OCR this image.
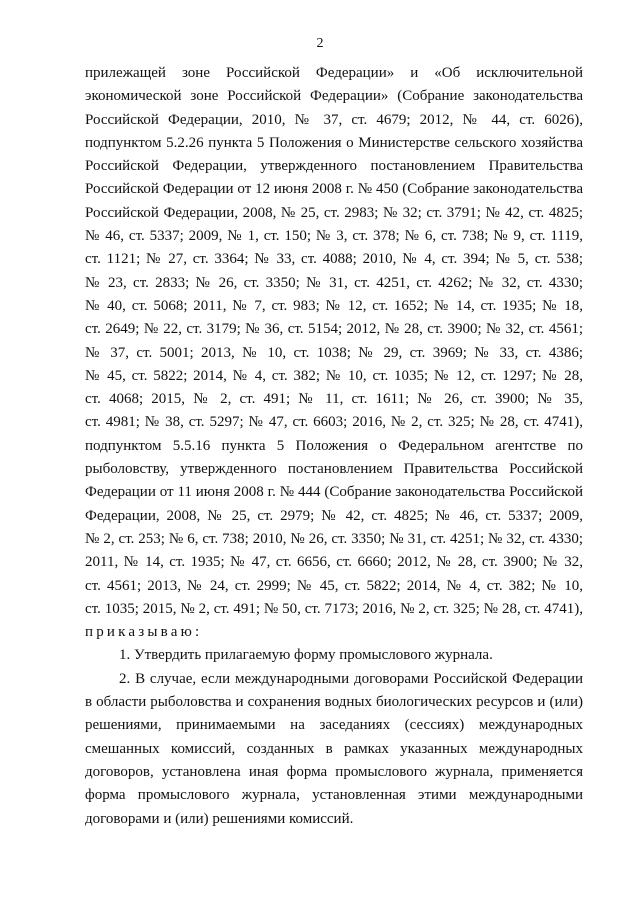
2
прилежащей зоне Российской Федерации» и «Об исключительной
экономической зоне Российской Федерации» (Собрание законодательства
Российской Федерации, 2010, № 37, ст. 4679; 2012, № 44, ст. 6026),
подпунктом 5.2.26 пункта 5 Положения о Министерстве сельского хозяйства
Российской Федерации, утвержденного постановлением Правительства
Российской Федерации от 12 июня 2008 г. № 450 (Собрание законодательства
Российской Федерации, 2008, № 25, ст. 2983; № 32; ст. 3791; № 42, ст. 4825;
№ 46, ст. 5337; 2009, № 1, ст. 150; № 3, ст. 378; № 6, ст. 738; № 9, ст. 1119,
ст. 1121; № 27, ст. 3364; № 33, ст. 4088; 2010, № 4, ст. 394; № 5, ст. 538;
№ 23, ст. 2833; № 26, ст. 3350; № 31, ст. 4251, ст. 4262; № 32, ст. 4330;
№ 40, ст. 5068; 2011, № 7, ст. 983; № 12, ст. 1652; № 14, ст. 1935; № 18,
ст. 2649; № 22, ст. 3179; № 36, ст. 5154; 2012, № 28, ст. 3900; № 32, ст. 4561;
№ 37, ст. 5001; 2013, № 10, ст. 1038; № 29, ст. 3969; № 33, ст. 4386;
№ 45, ст. 5822; 2014, № 4, ст. 382; № 10, ст. 1035; № 12, ст. 1297; № 28,
ст. 4068; 2015, № 2, ст. 491; № 11, ст. 1611; № 26, ст. 3900; № 35,
ст. 4981; № 38, ст. 5297; № 47, ст. 6603; 2016, № 2, ст. 325; № 28, ст. 4741),
подпунктом 5.5.16 пункта 5 Положения о Федеральном агентстве по
рыболовству, утвержденного постановлением Правительства Российской
Федерации от 11 июня 2008 г. № 444 (Собрание законодательства Российской
Федерации, 2008, № 25, ст. 2979; № 42, ст. 4825; № 46, ст. 5337; 2009,
№ 2, ст. 253; № 6, ст. 738; 2010, № 26, ст. 3350; № 31, ст. 4251; № 32, ст. 4330;
2011, № 14, ст. 1935; № 47, ст. 6656, ст. 6660; 2012, № 28, ст. 3900; № 32,
ст. 4561; 2013, № 24, ст. 2999; № 45, ст. 5822; 2014, № 4, ст. 382; № 10,
ст. 1035; 2015, № 2, ст. 491; № 50, ст. 7173; 2016, № 2, ст. 325; № 28, ст. 4741),
приказываю:
1. Утвердить прилагаемую форму промыслового журнала.
2. В случае, если международными договорами Российской Федерации
в области рыболовства и сохранения водных биологических ресурсов и (или)
решениями, принимаемыми на заседаниях (сессиях) международных
смешанных комиссий, созданных в рамках указанных международных
договоров, установлена иная форма промыслового журнала, применяется
форма промыслового журнала, установленная этими международными
договорами и (или) решениями комиссий.
